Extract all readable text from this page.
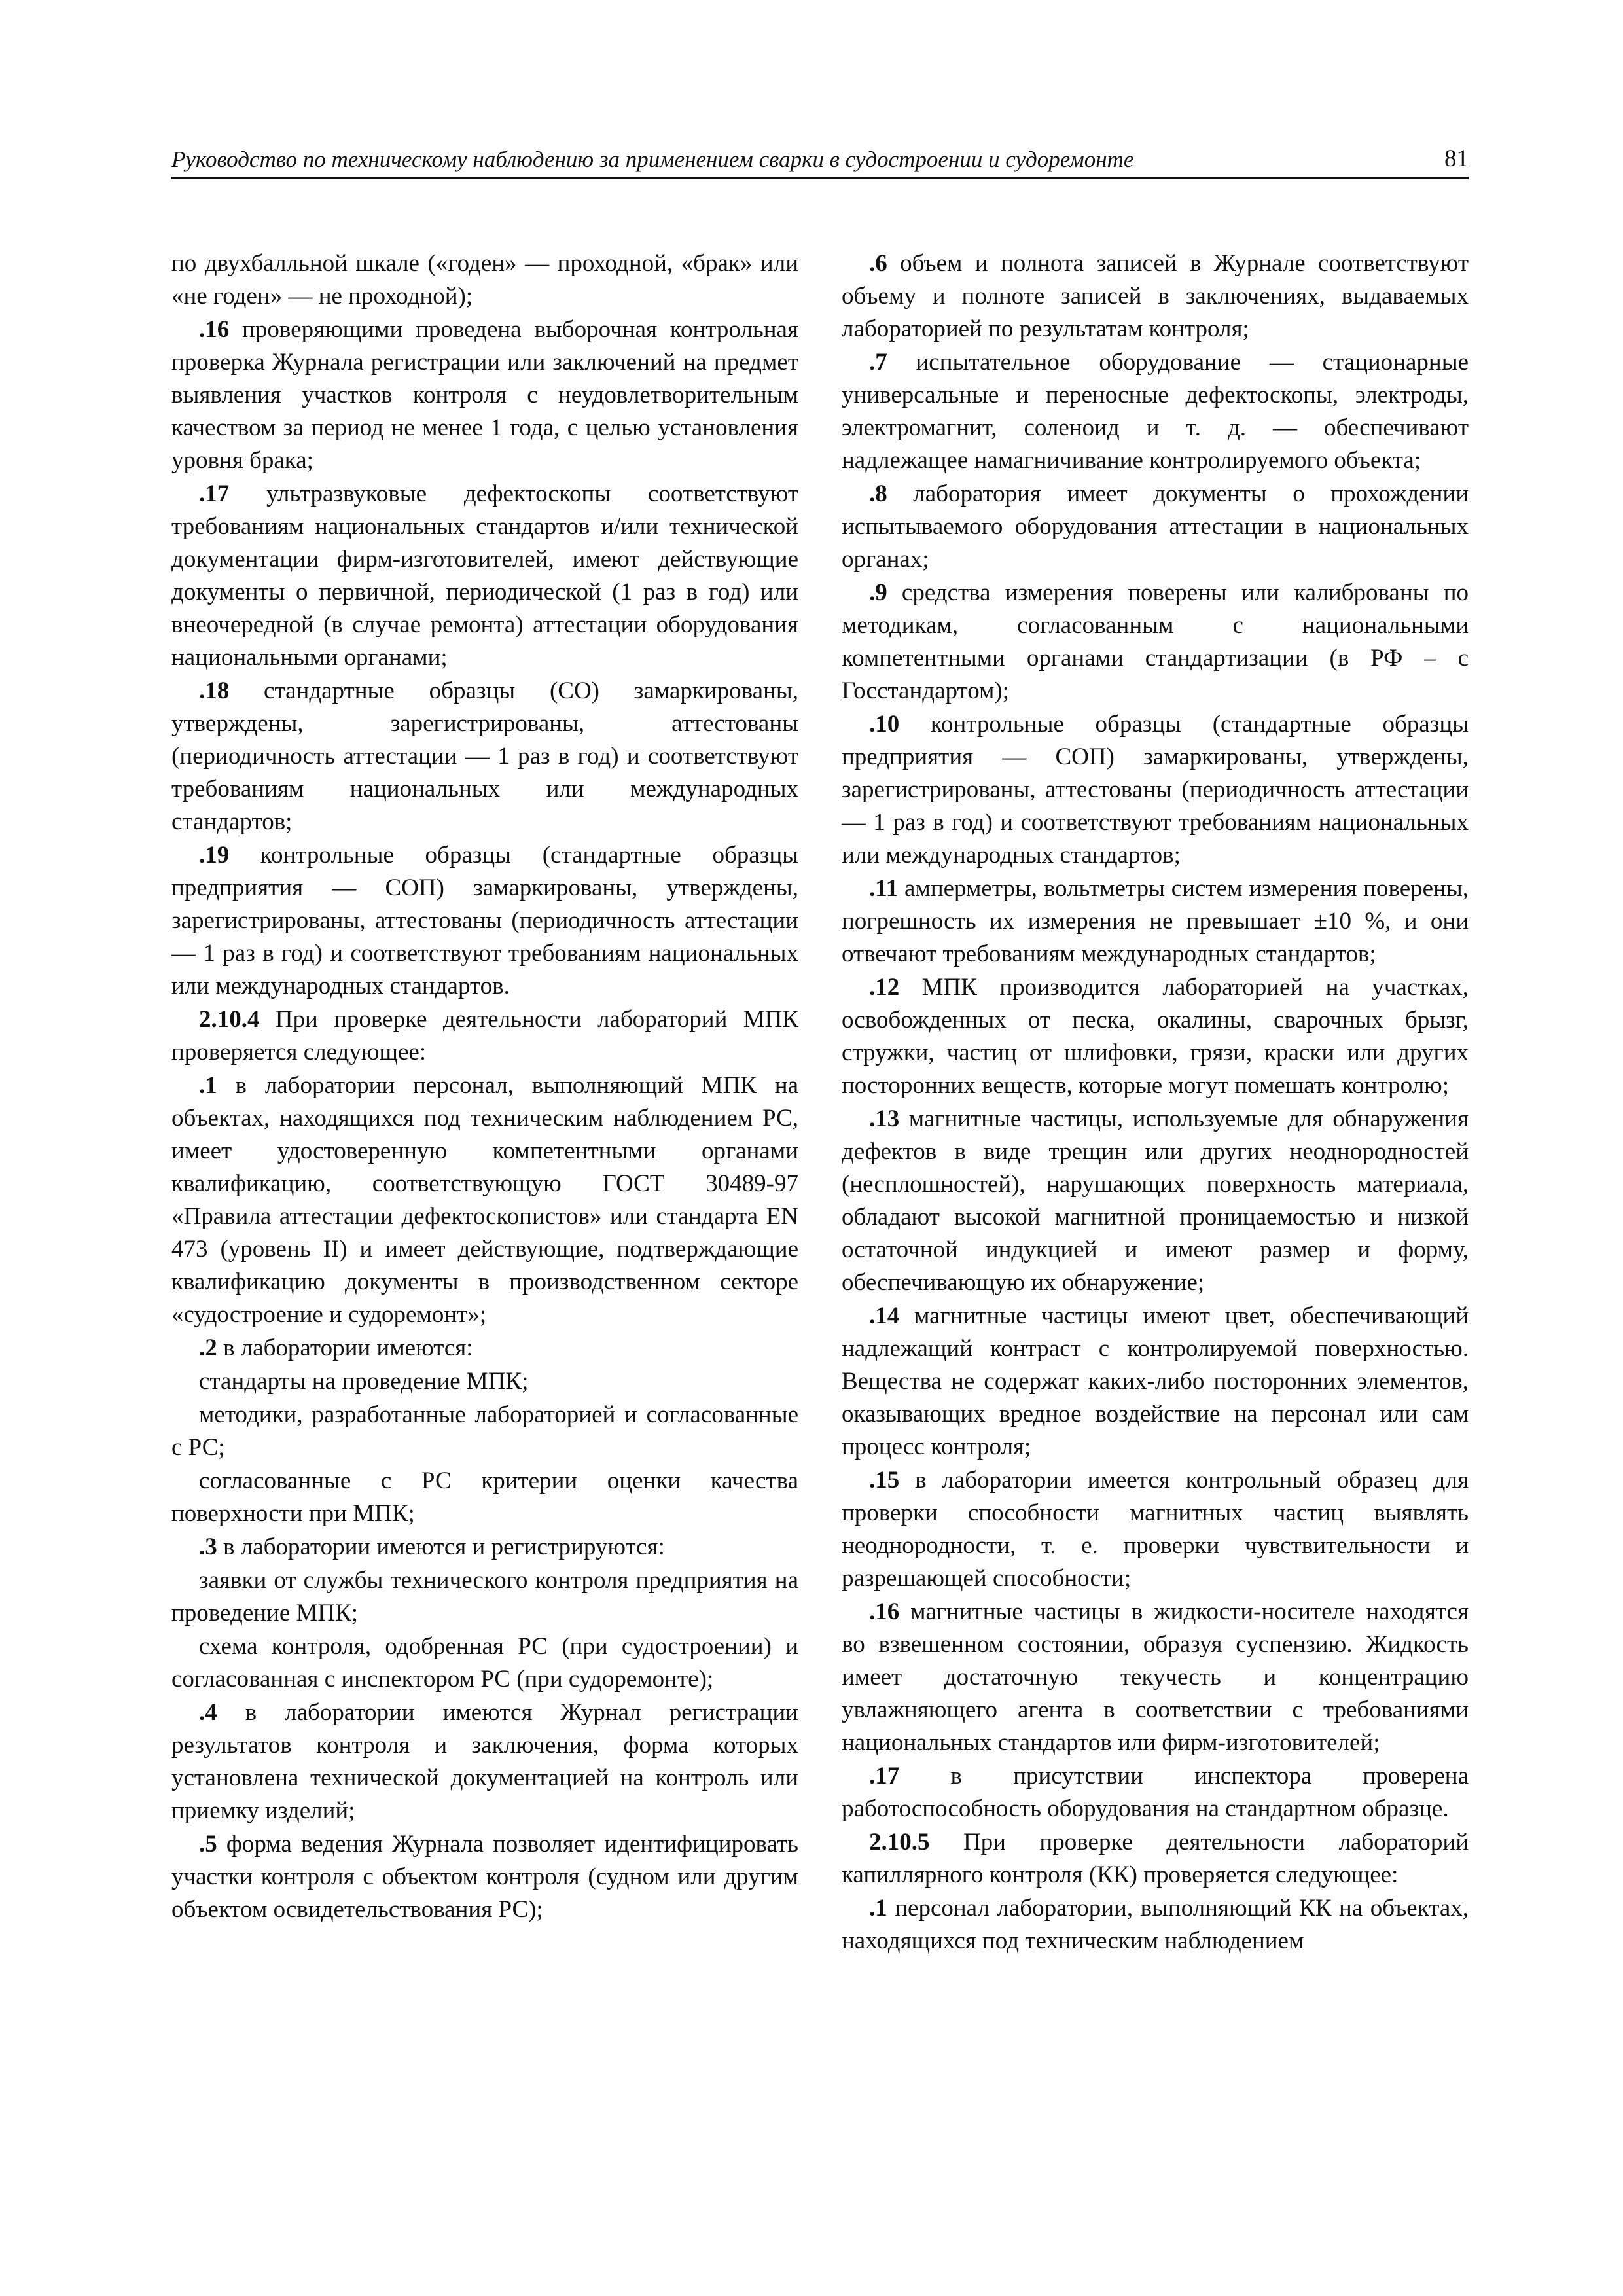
Руководство по техническому наблюдению за применением сварки в судостроении и судоремонте	81

по двухбалльной шкале («годен» — проходной, «брак» или «не годен» — не проходной);

.16 проверяющими проведена выборочная контрольная проверка Журнала регистрации или заключений на предмет выявления участков контроля с неудовлетворительным качеством за период не менее 1 года, с целью установления уровня брака;

.17 ультразвуковые дефектоскопы соответствуют требованиям национальных стандартов и/или технической документации фирм-изготовителей, имеют действующие документы о первичной, периодической (1 раз в год) или внеочередной (в случае ремонта) аттестации оборудования национальными органами;

.18 стандартные образцы (СО) замаркированы, утверждены, зарегистрированы, аттестованы (периодичность аттестации — 1 раз в год) и соответствуют требованиям национальных или международных стандартов;

.19 контрольные образцы (стандартные образцы предприятия — СОП) замаркированы, утверждены, зарегистрированы, аттестованы (периодичность аттестации — 1 раз в год) и соответствуют требованиям национальных или международных стандартов.

2.10.4 При проверке деятельности лабораторий МПК проверяется следующее:

.1 в лаборатории персонал, выполняющий МПК на объектах, находящихся под техническим наблюдением РС, имеет удостоверенную компетентными органами квалификацию, соответствующую ГОСТ 30489-97 «Правила аттестации дефектоскопистов» или стандарта EN 473 (уровень II) и имеет действующие, подтверждающие квалификацию документы в производственном секторе «судостроение и судоремонт»;

.2 в лаборатории имеются:

стандарты на проведение МПК;

методики, разработанные лабораторией и согласованные с РС;

согласованные с РС критерии оценки качества поверхности при МПК;

.3 в лаборатории имеются и регистрируются:

заявки от службы технического контроля предприятия на проведение МПК;

схема контроля, одобренная РС (при судостроении) и согласованная с инспектором РС (при судоремонте);

.4 в лаборатории имеются Журнал регистрации результатов контроля и заключения, форма которых установлена технической документацией на контроль или приемку изделий;

.5 форма ведения Журнала позволяет идентифицировать участки контроля с объектом контроля (судном или другим объектом освидетельствования РС);

.6 объем и полнота записей в Журнале соответствуют объему и полноте записей в заключениях, выдаваемых лабораторией по результатам контроля;

.7 испытательное оборудование — стационарные универсальные и переносные дефектоскопы, электроды, электромагнит, соленоид и т. д. — обеспечивают надлежащее намагничивание контролируемого объекта;

.8 лаборатория имеет документы о прохождении испытываемого оборудования аттестации в национальных органах;

.9 средства измерения поверены или калиброваны по методикам, согласованным с национальными компетентными органами стандартизации (в РФ – с Госстандартом);

.10 контрольные образцы (стандартные образцы предприятия — СОП) замаркированы, утверждены, зарегистрированы, аттестованы (периодичность аттестации — 1 раз в год) и соответствуют требованиям национальных или международных стандартов;

.11 амперметры, вольтметры систем измерения поверены, погрешность их измерения не превышает ±10 %, и они отвечают требованиям международных стандартов;

.12 МПК производится лабораторией на участках, освобожденных от песка, окалины, сварочных брызг, стружки, частиц от шлифовки, грязи, краски или других посторонних веществ, которые могут помешать контролю;

.13 магнитные частицы, используемые для обнаружения дефектов в виде трещин или других неоднородностей (несплошностей), нарушающих поверхность материала, обладают высокой магнитной проницаемостью и низкой остаточной индукцией и имеют размер и форму, обеспечивающую их обнаружение;

.14 магнитные частицы имеют цвет, обеспечивающий надлежащий контраст с контролируемой поверхностью. Вещества не содержат каких-либо посторонних элементов, оказывающих вредное воздействие на персонал или сам процесс контроля;

.15 в лаборатории имеется контрольный образец для проверки способности магнитных частиц выявлять неоднородности, т. е. проверки чувствительности и разрешающей способности;

.16 магнитные частицы в жидкости-носителе находятся во взвешенном состоянии, образуя суспензию. Жидкость имеет достаточную текучесть и концентрацию увлажняющего агента в соответствии с требованиями национальных стандартов или фирм-изготовителей;

.17 в присутствии инспектора проверена работоспособность оборудования на стандартном образце.

2.10.5 При проверке деятельности лабораторий капиллярного контроля (КК) проверяется следующее:

.1 персонал лаборатории, выполняющий КК на объектах, находящихся под техническим наблюдением
